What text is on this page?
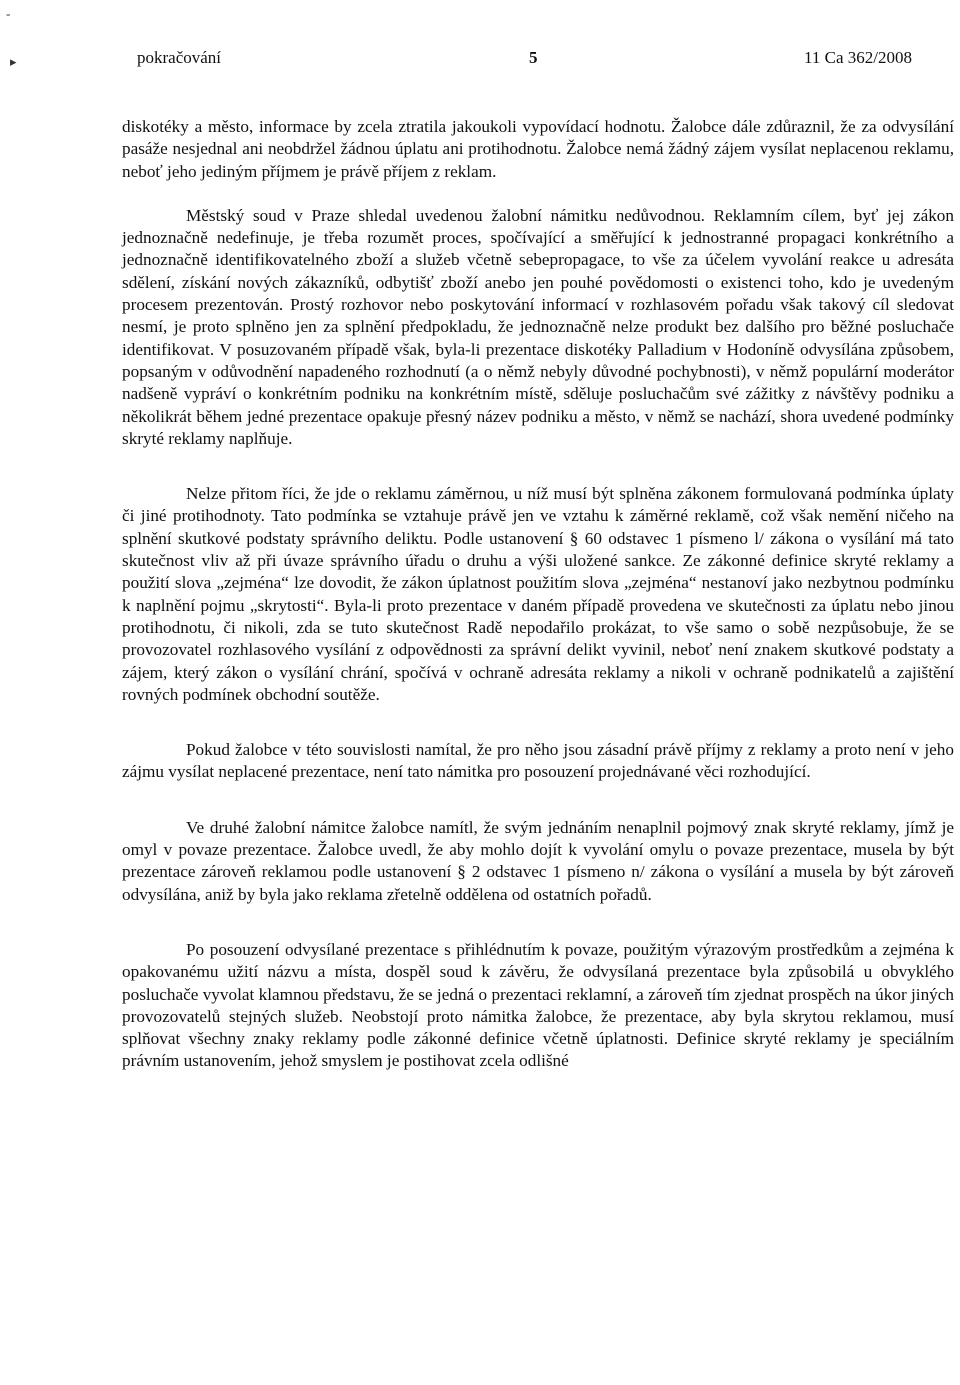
-
▸	pokračování	5	11 Ca 362/2008

diskotéky a město, informace by zcela ztratila jakoukoli vypovídací hodnotu. Žalobce dále zdůraznil, že za odvysílání pasáže nesjednal ani neobdržel žádnou úplatu ani protihodnotu. Žalobce nemá žádný zájem vysílat neplacenou reklamu, neboť jeho jediným příjmem je právě příjem z reklam.

Městský soud v Praze shledal uvedenou žalobní námitku nedůvodnou. Reklamním cílem, byť jej zákon jednoznačně nedefinuje, je třeba rozumět proces, spočívající a směřující k jednostranné propagaci konkrétního a jednoznačně identifikovatelného zboží a služeb včetně sebepropagace, to vše za účelem vyvolání reakce u adresáta sdělení, získání nových zákazníků, odbytišť zboží anebo jen pouhé povědomosti o existenci toho, kdo je uvedeným procesem prezentován. Prostý rozhovor nebo poskytování informací v rozhlasovém pořadu však takový cíl sledovat nesmí, je proto splněno jen za splnění předpokladu, že jednoznačně nelze produkt bez dalšího pro běžné posluchače identifikovat. V posuzovaném případě však, byla-li prezentace diskotéky Palladium v Hodoníně odvysílána způsobem, popsaným v odůvodnění napadeného rozhodnutí (a o němž nebyly důvodné pochybnosti), v němž populární moderátor nadšeně vypráví o konkrétním podniku na konkrétním místě, sděluje posluchačům své zážitky z návštěvy podniku a několikrát během jedné prezentace opakuje přesný název podniku a město, v němž se nachází, shora uvedené podmínky skryté reklamy naplňuje.

Nelze přitom říci, že jde o reklamu záměrnou, u níž musí být splněna zákonem formulovaná podmínka úplaty či jiné protihodnoty. Tato podmínka se vztahuje právě jen ve vztahu k záměrné reklamě, což však nemění ničeho na splnění skutkové podstaty správního deliktu. Podle ustanovení § 60 odstavec 1 písmeno l/ zákona o vysílání má tato skutečnost vliv až při úvaze správního úřadu o druhu a výši uložené sankce. Ze zákonné definice skryté reklamy a použití slova „zejména“ lze dovodit, že zákon úplatnost použitím slova „zejména“ nestanoví jako nezbytnou podmínku k naplnění pojmu „skrytosti“. Byla-li proto prezentace v daném případě provedena ve skutečnosti za úplatu nebo jinou protihodnotu, či nikoli, zda se tuto skutečnost Radě nepodařilo prokázat, to vše samo o sobě nezpůsobuje, že se provozovatel rozhlasového vysílání z odpovědnosti za správní delikt vyvinil, neboť není znakem skutkové podstaty a zájem, který zákon o vysílání chrání, spočívá v ochraně adresáta reklamy a nikoli v ochraně podnikatelů a zajištění rovných podmínek obchodní soutěže.

Pokud žalobce v této souvislosti namítal, že pro něho jsou zásadní právě příjmy z reklamy a proto není v jeho zájmu vysílat neplacené prezentace, není tato námitka pro posouzení projednávané věci rozhodující.

Ve druhé žalobní námitce žalobce namítl, že svým jednáním nenaplnil pojmový znak skryté reklamy, jímž je omyl v povaze prezentace. Žalobce uvedl, že aby mohlo dojít k vyvolání omylu o povaze prezentace, musela by být prezentace zároveň reklamou podle ustanovení § 2 odstavec 1 písmeno n/ zákona o vysílání a musela by být zároveň odvysílána, aniž by byla jako reklama zřetelně oddělena od ostatních pořadů.

Po posouzení odvysílané prezentace s přihlédnutím k povaze, použitým výrazovým prostředkům a zejména k opakovanému užití názvu a místa, dospěl soud k závěru, že odvysílaná prezentace byla způsobilá u obvyklého posluchače vyvolat klamnou představu, že se jedná o prezentaci reklamní, a zároveň tím zjednat prospěch na úkor jiných provozovatelů stejných služeb. Neobstojí proto námitka žalobce, že prezentace, aby byla skrytou reklamou, musí splňovat všechny znaky reklamy podle zákonné definice včetně úplatnosti. Definice skryté reklamy je speciálním právním ustanovením, jehož smyslem je postihovat zcela odlišné
